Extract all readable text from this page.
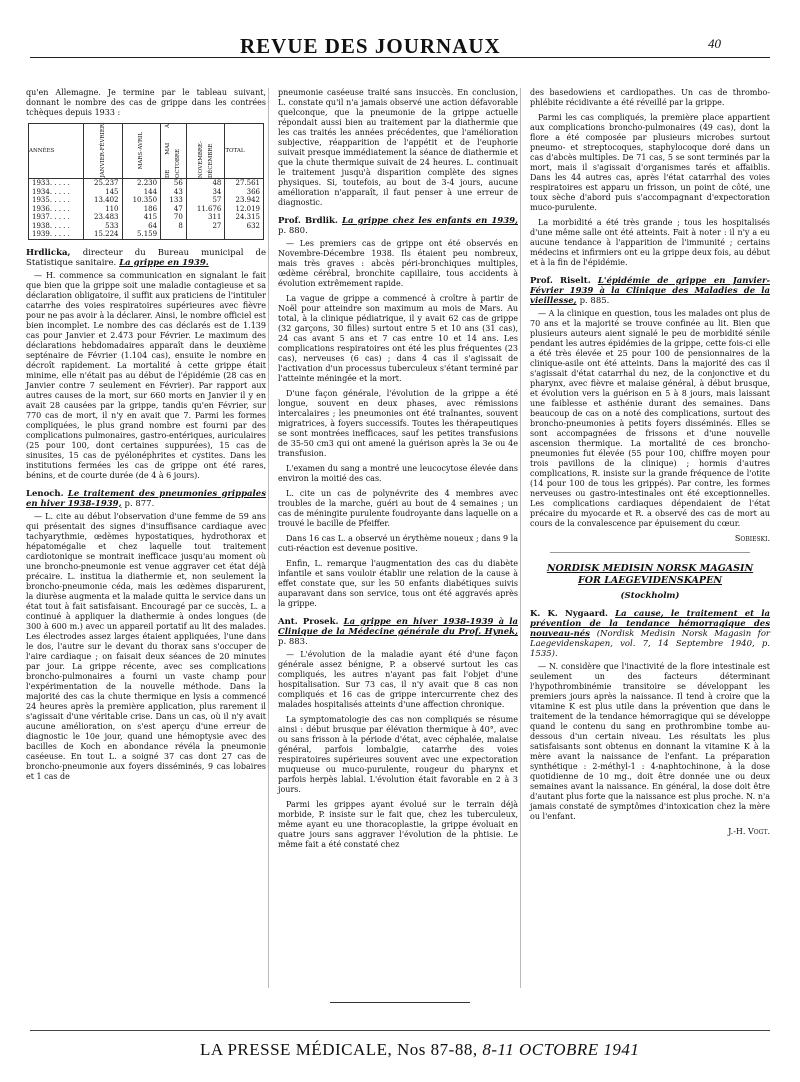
REVUE DES JOURNAUX	40

qu'en Allemagne. Je termine par le tableau suivant, donnant le nombre des cas de grippe dans les contrées tchèques depuis 1933 :

ANNÉES	JANVIER-FÉVRIER	MARS-AVRIL	DE MAI À OCTOBRE	NOVEMBRE-DÉCEMBRE	TOTAL
1933. . . . .	25.237	2.230	56	48	27.561
1934. . . . .	145	144	43	34	366
1935. . . . .	13.402	10.350	133	57	23.942
1936. . . . .	110	186	47	11.676	12.019
1937. . . . .	23.483	415	70	311	24.315
1938. . . . .	533	64	8	27	632
1939. . . . .	15.224	5.159			
Hrdlicka, directeur du Bureau municipal de Statistique sanitaire. La grippe en 1939.

— H. commence sa communication en signalant le fait que bien que la grippe soit une maladie contagieuse et sa déclaration obligatoire, il suffit aux praticiens de l'intituler catarrhe des voies respiratoires supérieures avec fièvre pour ne pas avoir à la déclarer. Ainsi, le nombre officiel est bien incomplet. Le nombre des cas déclarés est de 1.139 cas pour Janvier et 2.473 pour Février. Le maximum des déclarations hebdomadaires apparaît dans le deuxième septénaire de Février (1.104 cas), ensuite le nombre en décroît rapidement. La mortalité à cette grippe était minime, elle n'était pas au début de l'épidémie (28 cas en Janvier contre 7 seulement en Février). Par rapport aux autres causes de la mort, sur 660 morts en Janvier il y en avait 28 causées par la grippe, tandis qu'en Février, sur 770 cas de mort, il n'y en avait que 7. Parmi les formes compliquées, le plus grand nombre est fourni par des complications pulmonaires, gastro-entériques, auriculaires (25 pour 100, dont certaines suppurées), 15 cas de sinusites, 15 cas de pyélonéphrites et cystites. Dans les institutions fermées les cas de grippe ont été rares, bénins, et de courte durée (de 4 à 6 jours).

Lenoch. Le traitement des pneumonies grippales en hiver 1938-1939, p. 877.

— L. cite au début l'observation d'une femme de 59 ans qui présentait des signes d'insuffisance cardiaque avec tachyarythmie, œdèmes hypostatiques, hydrothorax et hépatomégalie et chez laquelle tout traitement cardiotonique se montrait inefficace jusqu'au moment où une broncho-pneumonie est venue aggraver cet état déjà précaire. L. institua la diathermie et, non seulement la broncho-pneumonie céda, mais les œdèmes disparurent, la diurèse augmenta et la malade quitta le service dans un état tout à fait satisfaisant. Encouragé par ce succès, L. a continué à appliquer la diathermie à ondes longues (de 300 à 600 m.) avec un appareil portatif au lit des malades. Les électrodes assez larges étaient appliquées, l'une dans le dos, l'autre sur le devant du thorax sans s'occuper de l'aire cardiaque ; on faisait deux séances de 20 minutes par jour. La grippe récente, avec ses complications broncho-pulmonaires a fourni un vaste champ pour l'expérimentation de la nouvelle méthode. Dans la majorité des cas la chute thermique en lysis a commencé 24 heures après la première application, plus rarement il s'agissait d'une véritable crise. Dans un cas, où il n'y avait aucune amélioration, on s'est aperçu d'une erreur de diagnostic le 10e jour, quand une hémoptysie avec des bacilles de Koch en abondance révéla la pneumonie caséeuse. En tout L. a soigné 37 cas dont 27 cas de broncho-pneumonie aux foyers disséminés, 9 cas lobaires et 1 cas de

pneumonie caséeuse traité sans insuccès. En conclusion, L. constate qu'il n'a jamais observé une action défavorable quelconque, que la pneumonie de la grippe actuelle répondait aussi bien au traitement par la diathermie que les cas traités les années précédentes, que l'amélioration subjective, réapparition de l'appétit et de l'euphorie suivait presque immédiatement la séance de diathermie et que la chute thermique suivait de 24 heures. L. continuait le traitement jusqu'à disparition complète des signes physiques. Si, toutefois, au bout de 3-4 jours, aucune amélioration n'apparaît, il faut penser à une erreur de diagnostic.

Prof. Brdlik. La grippe chez les enfants en 1939, p. 880.

— Les premiers cas de grippe ont été observés en Novembre-Décembre 1938. Ils étaient peu nombreux, mais très graves : abcès péri-bronchiques multiples, œdème cérébral, bronchite capillaire, tous accidents à évolution extrêmement rapide.

La vague de grippe a commencé à croître à partir de Noël pour atteindre son maximum au mois de Mars. Au total, à la clinique pédiatrique, il y avait 62 cas de grippe (32 garçons, 30 filles) surtout entre 5 et 10 ans (31 cas), 24 cas avant 5 ans et 7 cas entre 10 et 14 ans. Les complications respiratoires ont été les plus fréquentes (23 cas), nerveuses (6 cas) ; dans 4 cas il s'agissait de l'activation d'un processus tuberculeux s'étant terminé par l'atteinte méningée et la mort.

D'une façon générale, l'évolution de la grippe a été longue, souvent en deux phases, avec rémissions intercalaires ; les pneumonies ont été traînantes, souvent migratrices, à foyers successifs. Toutes les thérapeutiques se sont montrées inefficaces, sauf les petites transfusions de 35-50 cm3 qui ont amené la guérison après la 3e ou 4e transfusion.

L'examen du sang a montré une leucocytose élevée dans environ la moitié des cas.

L. cite un cas de polynévrite des 4 membres avec troubles de la marche, guéri au bout de 4 semaines ; un cas de méningite purulente foudroyante dans laquelle on a trouvé le bacille de Pfeiffer.

Dans 16 cas L. a observé un érythème noueux ; dans 9 la cuti-réaction est devenue positive.

Enfin, L. remarque l'augmentation des cas du diabète infantile et sans vouloir établir une relation de la cause à effet constate que, sur les 50 enfants diabétiques suivis auparavant dans son service, tous ont été aggravés après la grippe.

Ant. Prosek. La grippe en hiver 1938-1939 à la Clinique de la Médecine générale du Prof. Hynek, p. 883.

— L'évolution de la maladie ayant été d'une façon générale assez bénigne, P. a observé surtout les cas compliqués, les autres n'ayant pas fait l'objet d'une hospitalisation. Sur 73 cas, il n'y avait que 8 cas non compliqués et 16 cas de grippe intercurrente chez des malades hospitalisés atteints d'une affection chronique.

La symptomatologie des cas non compliqués se résume ainsi : début brusque par élévation thermique à 40°, avec ou sans frisson à la période d'état, avec céphalée, malaise général, parfois lombalgie, catarrhe des voies respiratoires supérieures souvent avec une expectoration muqueuse ou muco-purulente, rougeur du pharynx et parfois herpès labial. L'évolution était favorable en 2 à 3 jours.

Parmi les grippes ayant évolué sur le terrain déjà morbide, P. insiste sur le fait que, chez les tuberculeux, même ayant eu une thoracoplastie, la grippe évoluait en quatre jours sans aggraver l'évolution de la phtisie. Le même fait a été constaté chez

des basedowiens et cardiopathes. Un cas de thrombo-phlébite récidivante a été réveillé par la grippe.

Parmi les cas compliqués, la première place appartient aux complications broncho-pulmonaires (49 cas), dont la flore a été composée par plusieurs microbes surtout pneumo- et streptocoques, staphylocoque doré dans un cas d'abcès multiples. De 71 cas, 5 se sont terminés par la mort, mais il s'agissait d'organismes tarés et affaiblis. Dans les 44 autres cas, après l'état catarrhal des voies respiratoires est apparu un frisson, un point de côté, une toux sèche d'abord puis s'accompagnant d'expectoration muco-purulente.

La morbidité a été très grande ; tous les hospitalisés d'une même salle ont été atteints. Fait à noter : il n'y a eu aucune tendance à l'apparition de l'immunité ; certains médecins et infirmiers ont eu la grippe deux fois, au début et à la fin de l'épidémie.

Prof. Riselt. L'épidémie de grippe en Janvier-Février 1939 à la Clinique des Maladies de la vieillesse, p. 885.

— A la clinique en question, tous les malades ont plus de 70 ans et la majorité se trouve confinée au lit. Bien que plusieurs auteurs aient signalé le peu de morbidité sénile pendant les autres épidémies de la grippe, cette fois-ci elle a été très élevée et 25 pour 100 de pensionnaires de la clinique-asile ont été atteints. Dans la majorité des cas il s'agissait d'état catarrhal du nez, de la conjonctive et du pharynx, avec fièvre et malaise général, à début brusque, et évolution vers la guérison en 5 à 8 jours, mais laissant une faiblesse et asthénie durant des semaines. Dans beaucoup de cas on a noté des complications, surtout des broncho-pneumonies à petits foyers disséminés. Elles se sont accompagnées de frissons et d'une nouvelle ascension thermique. La mortalité de ces broncho-pneumonies fut élevée (55 pour 100, chiffre moyen pour trois pavillons de la clinique) ; hormis d'autres complications, R. insiste sur la grande fréquence de l'otite (14 pour 100 de tous les grippés). Par contre, les formes nerveuses ou gastro-intestinales ont été exceptionnelles. Les complications cardiaques dépendaient de l'état précaire du myocarde et R. a observé des cas de mort au cours de la convalescence par épuisement du cœur.

Sobieski.
NORDISK MEDISIN NORSK MAGASIN
FOR LAEGEVIDENSKAPEN
(Stockholm)
K. K. Nygaard. La cause, le traitement et la prévention de la tendance hémorragique des nouveau-nés (Nordisk Medisin Norsk Magasin for Laegevidenskapen, vol. 7, 14 Septembre 1940, p. 1535).

— N. considère que l'inactivité de la flore intestinale est seulement un des facteurs déterminant l'hypothrombinémie transitoire se développant les premiers jours après la naissance. Il tend à croire que la vitamine K est plus utile dans la prévention que dans le traitement de la tendance hémorragique qui se développe quand le contenu du sang en prothrombine tombe au-dessous d'un certain niveau. Les résultats les plus satisfaisants sont obtenus en donnant la vitamine K à la mère avant la naissance de l'enfant. La préparation synthétique : 2-méthyl-1 : 4-naphtochinone, à la dose quotidienne de 10 mg., doit être donnée une ou deux semaines avant la naissance. En général, la dose doit être d'autant plus forte que la naissance est plus proche. N. n'a jamais constaté de symptômes d'intoxication chez la mère ou l'enfant.

J.-H. Vogt.
LA PRESSE MÉDICALE, Nos 87-88, 8-11 OCTOBRE 1941
